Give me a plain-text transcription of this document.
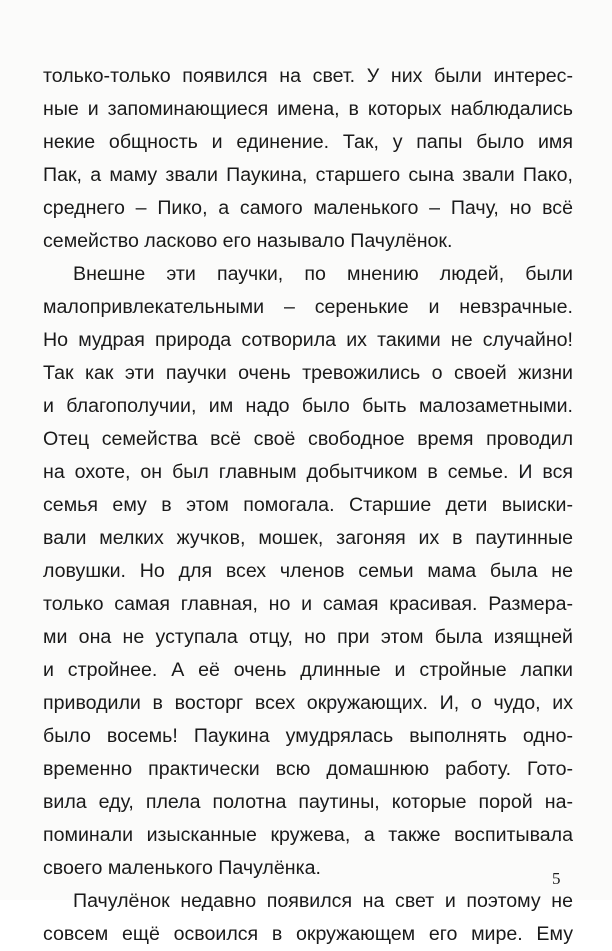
только-только появился на свет. У них были интерес-
ные и запоминающиеся имена, в которых наблюдались
некие общность и единение. Так, у папы было имя
Пак, а маму звали Паукина, старшего сына звали Пако,
среднего – Пико, а самого маленького – Пачу, но всё
семейство ласково его называло Пачулёнок.
Внешне эти паучки, по мнению людей, были
малопривлекательными – серенькие и невзрачные.
Но мудрая природа сотворила их такими не случайно!
Так как эти паучки очень тревожились о своей жизни
и благополучии, им надо было быть малозаметными.
Отец семейства всё своё свободное время проводил
на охоте, он был главным добытчиком в семье. И вся
семья ему в этом помогала. Старшие дети выиски-
вали мелких жучков, мошек, загоняя их в паутинные
ловушки. Но для всех членов семьи мама была не
только самая главная, но и самая красивая. Размера-
ми она не уступала отцу, но при этом была изящней
и стройнее. А её очень длинные и стройные лапки
приводили в восторг всех окружающих. И, о чудо, их
было восемь! Паукина умудрялась выполнять одно-
временно практически всю домашнюю работу. Гото-
вила еду, плела полотна паутины, которые порой на-
поминали изысканные кружева, а также воспитывала
своего маленького Пачулёнка.
Пачулёнок недавно появился на свет и поэтому не
совсем ещё освоился в окружающем его мире. Ему
5
